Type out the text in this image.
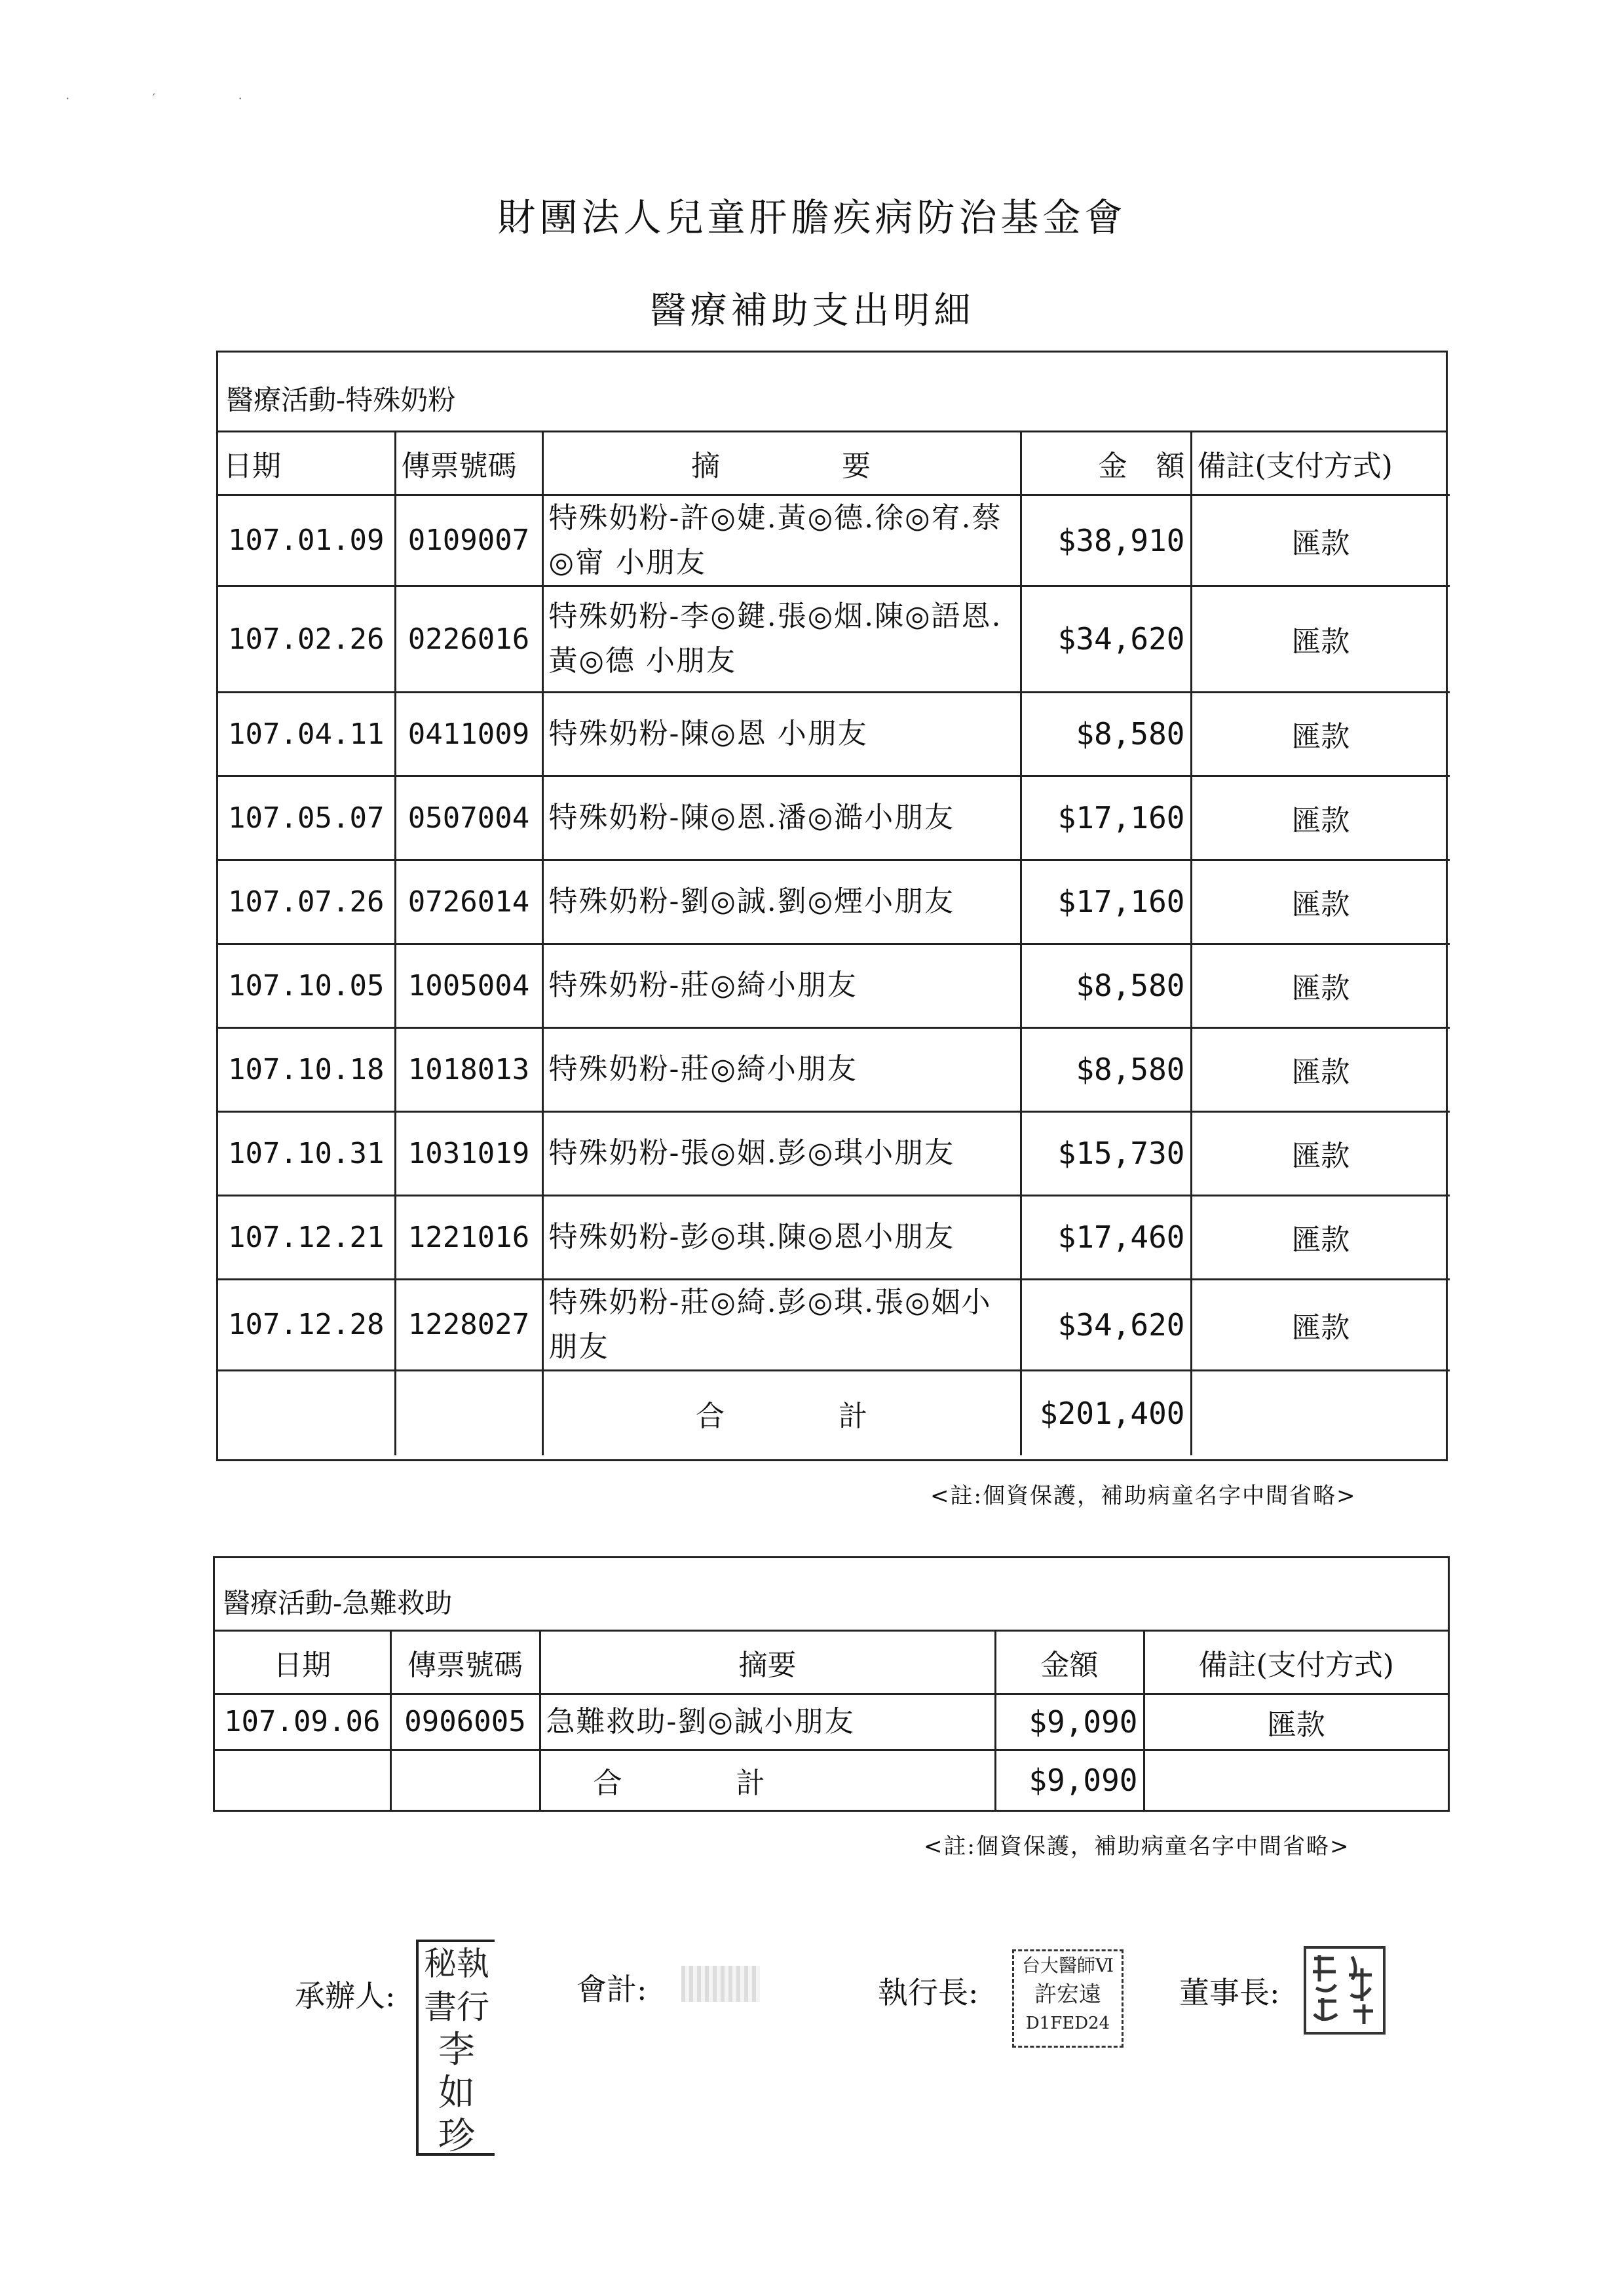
· ′ ·
財團法人兒童肝膽疾病防治基金會
醫療補助支出明細
醫療活動-特殊奶粉
日期	傳票號碼	摘　　　　要	金　額	備註(支付方式)
107.01.09	0109007	特殊奶粉-許◎婕.黃◎德.徐◎宥.蔡◎甯 小朋友	$38,910	匯款
107.02.26	0226016	特殊奶粉-李◎鍵.張◎烟.陳◎語恩.黃◎德 小朋友	$34,620	匯款
107.04.11	0411009	特殊奶粉-陳◎恩 小朋友	$8,580	匯款
107.05.07	0507004	特殊奶粉-陳◎恩.潘◎澔小朋友	$17,160	匯款
107.07.26	0726014	特殊奶粉-劉◎誠.劉◎煙小朋友	$17,160	匯款
107.10.05	1005004	特殊奶粉-莊◎綺小朋友	$8,580	匯款
107.10.18	1018013	特殊奶粉-莊◎綺小朋友	$8,580	匯款
107.10.31	1031019	特殊奶粉-張◎姻.彭◎琪小朋友	$15,730	匯款
107.12.21	1221016	特殊奶粉-彭◎琪.陳◎恩小朋友	$17,460	匯款
107.12.28	1228027	特殊奶粉-莊◎綺.彭◎琪.張◎姻小朋友	$34,620	匯款
		合 計	$201,400	
<註:個資保護，補助病童名字中間省略>
醫療活動-急難救助
日期	傳票號碼	摘要	金額	備註(支付方式)
107.09.06	0906005	急難救助-劉◎誠小朋友	$9,090	匯款
		合 計	$9,090	
<註:個資保護，補助病童名字中間省略>
承辦人:
秘執
書行
李
如
珍
會計:	執行長:
台大醫師Ⅵ
許宏遠
D1FED24
董事長:
